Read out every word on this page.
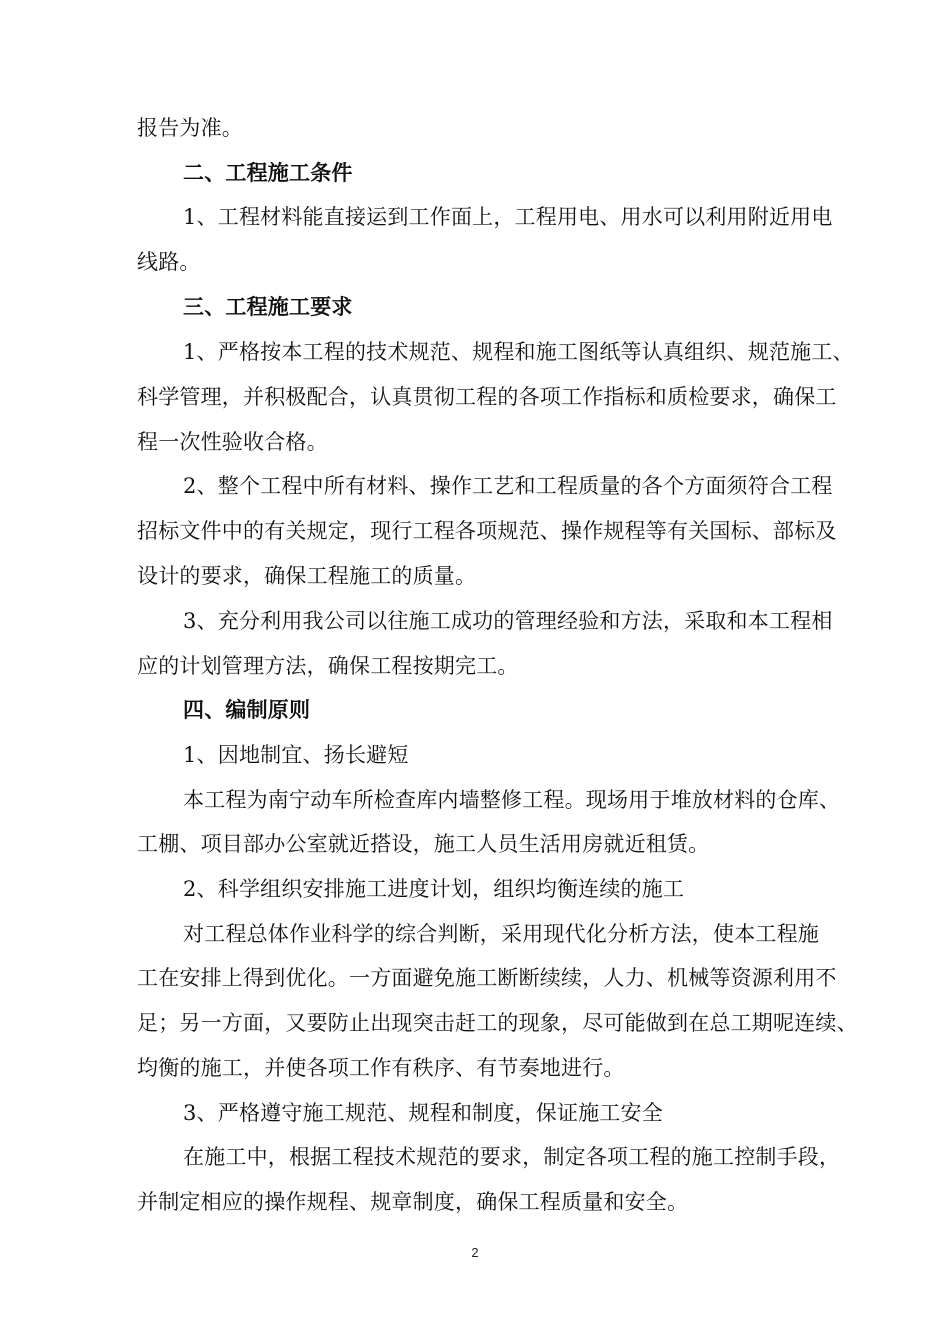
报告为准。
二、工程施工条件
1、工程材料能直接运到工作面上，工程用电、用水可以利用附近用电
线路。
三、工程施工要求
1、严格按本工程的技术规范、规程和施工图纸等认真组织、规范施工、
科学管理，并积极配合，认真贯彻工程的各项工作指标和质检要求，确保工
程一次性验收合格。
2、整个工程中所有材料、操作工艺和工程质量的各个方面须符合工程
招标文件中的有关规定，现行工程各项规范、操作规程等有关国标、部标及
设计的要求，确保工程施工的质量。
3、充分利用我公司以往施工成功的管理经验和方法，采取和本工程相
应的计划管理方法，确保工程按期完工。
四、编制原则
1、因地制宜、扬长避短
本工程为南宁动车所检查库内墙整修工程。现场用于堆放材料的仓库、
工棚、项目部办公室就近搭设，施工人员生活用房就近租赁。
2、科学组织安排施工进度计划，组织均衡连续的施工
对工程总体作业科学的综合判断，采用现代化分析方法，使本工程施
工在安排上得到优化。一方面避免施工断断续续，人力、机械等资源利用不
足；另一方面，又要防止出现突击赶工的现象，尽可能做到在总工期呢连续、
均衡的施工，并使各项工作有秩序、有节奏地进行。
3、严格遵守施工规范、规程和制度，保证施工安全
在施工中，根据工程技术规范的要求，制定各项工程的施工控制手段，
并制定相应的操作规程、规章制度，确保工程质量和安全。
2
